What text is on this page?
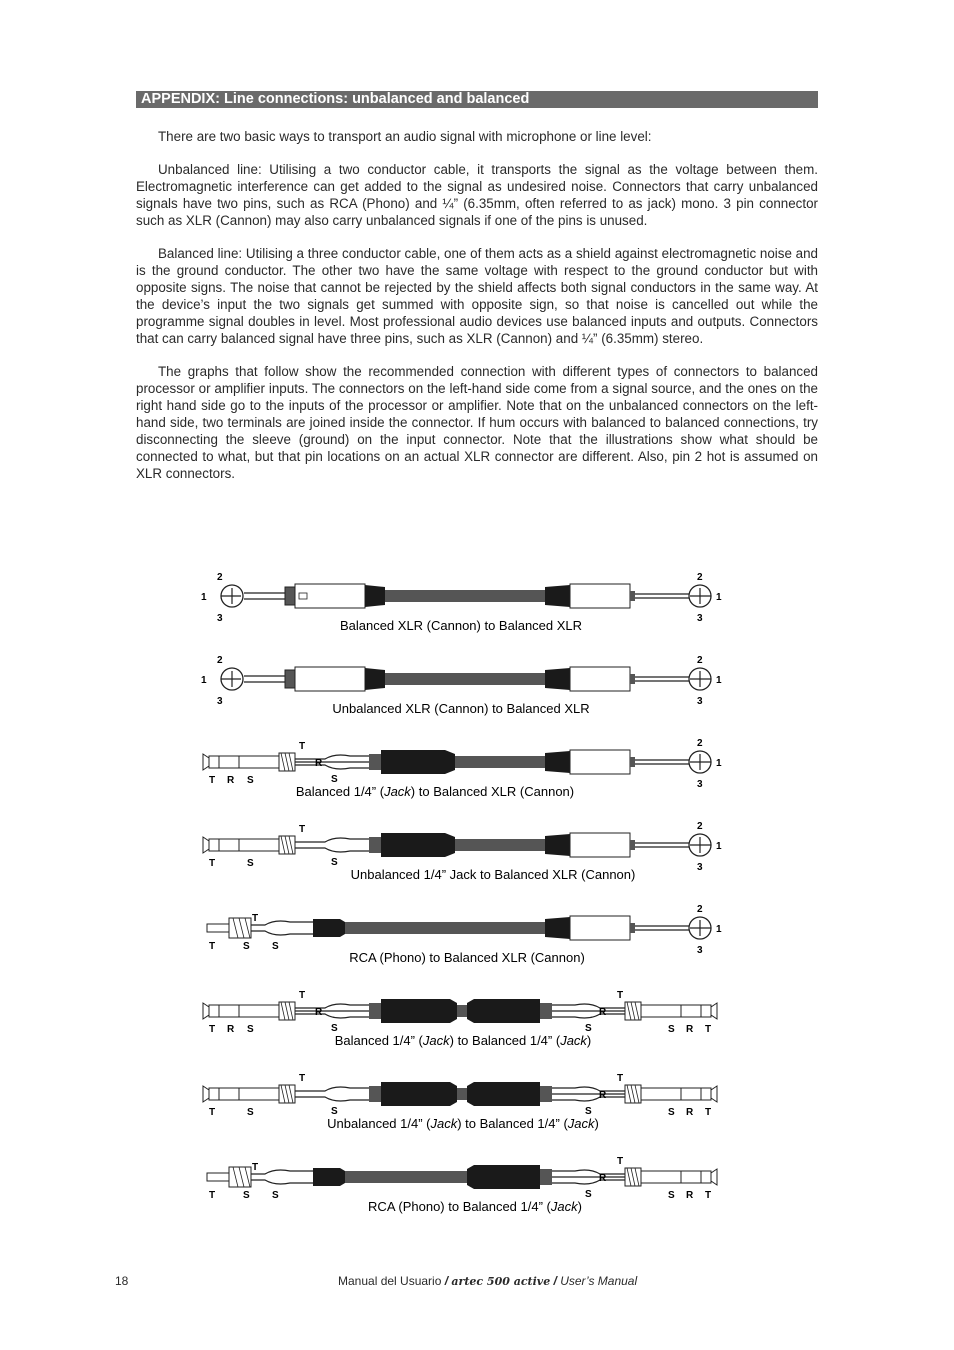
APPENDIX: Line connections: unbalanced and balanced

There are two basic ways to transport an audio signal with microphone or line level:

Unbalanced line: Utilising a two conductor cable, it transports the signal as the voltage between them. Electromagnetic interference can get added to the signal as undesired noise. Connectors that carry unbalanced signals have two pins, such as RCA (Phono) and ¼” (6.35mm, often referred to as jack) mono. 3 pin connector such as XLR (Cannon) may also carry unbalanced signals if one of the pins is unused.

Balanced line: Utilising a three conductor cable, one of them acts as a shield against electromagnetic noise and is the ground conductor. The other two have the same voltage with respect to the ground conductor but with opposite signs. The noise that cannot be rejected by the shield affects both signal conductors in the same way. At the device’s input the two signals get summed with opposite sign, so that noise is cancelled out while the programme signal doubles in level. Most professional audio devices use balanced inputs and outputs. Connectors that can carry balanced signal have three pins, such as XLR (Cannon) and ¼” (6.35mm) stereo.

The graphs that follow show the recommended connection with different types of connectors to balanced processor or amplifier inputs. The connectors on the left-hand side come from a signal source, and the ones on the right hand side go to the inputs of the processor or amplifier. Note that on the unbalanced connectors on the left-hand side, two terminals are joined inside the connector. If hum occurs with balanced to balanced connections, try disconnecting the sleeve (ground) on the input connector. Note that the illustrations show what should be connected to what, but that pin locations on an actual XLR connector are different. Also, pin 2 hot is assumed on XLR connectors.

2
1
3
2
1
3
Balanced XLR (Cannon) to Balanced XLR
2
1
3
2
1
3
Unbalanced XLR (Cannon) to Balanced XLR
T
R
S
T R S
2
1
3
Balanced 1/4” (Jack) to Balanced XLR (Cannon)
T
S
T	S
2
1
3
Unbalanced 1/4” Jack to Balanced XLR (Cannon)
T
T	S S
2
1
3
RCA (Phono) to Balanced XLR (Cannon)
T
R
S
T R S
T
R
S	S R T
Balanced 1/4” (Jack) to Balanced 1/4” (Jack)
T
S
T	S
T
R
S	S R T
Unbalanced 1/4” (Jack) to Balanced 1/4” (Jack)
T
T	S S
T
R
S	S R T
RCA (Phono) to Balanced 1/4” (Jack)
18	Manual del Usuario / artec 500 active / User’s Manual
